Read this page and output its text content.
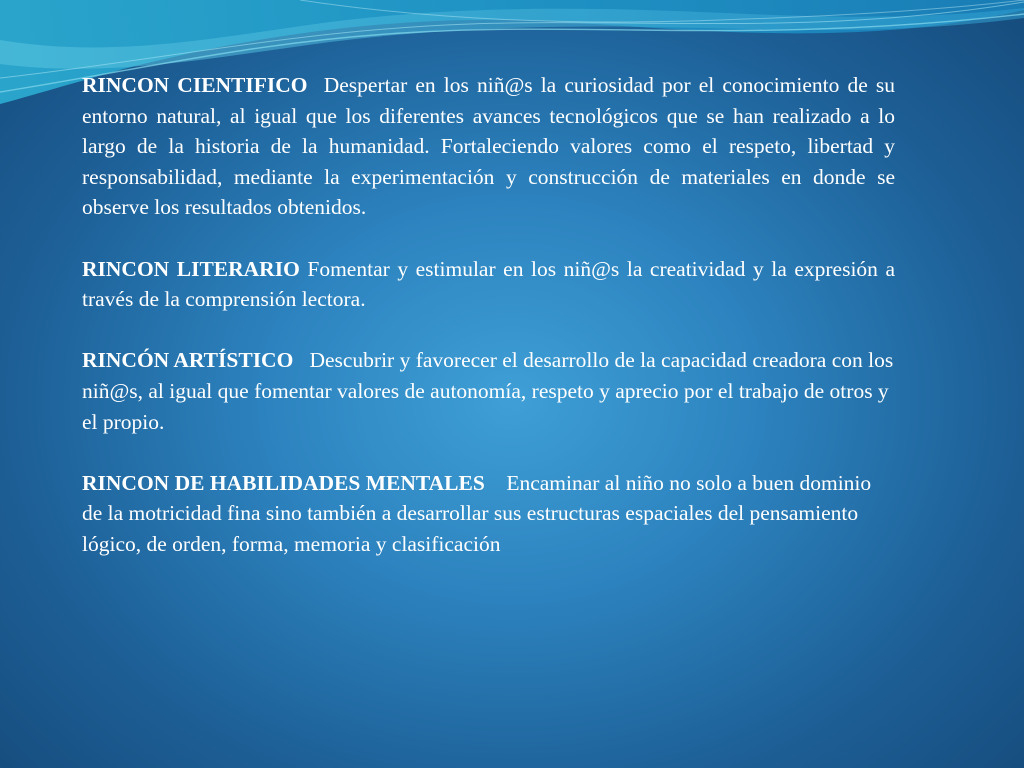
RINCON CIENTIFICO Despertar en los niñ@s la curiosidad por el conocimiento de su entorno natural, al igual que los diferentes avances tecnológicos que se han realizado a lo largo de la historia de la humanidad. Fortaleciendo valores como el respeto, libertad y responsabilidad, mediante la experimentación y construcción de materiales en donde se observe los resultados obtenidos.

RINCON LITERARIO Fomentar y estimular en los niñ@s la creatividad y la expresión a través de la comprensión lectora.

RINCÓN ARTÍSTICO Descubrir y favorecer el desarrollo de la capacidad creadora con los niñ@s, al igual que fomentar valores de autonomía, respeto y aprecio por el trabajo de otros y el propio.

RINCON DE HABILIDADES MENTALES Encaminar al niño no solo a buen dominio de la motricidad fina sino también a desarrollar sus estructuras espaciales del pensamiento lógico, de orden, forma, memoria y clasificación
